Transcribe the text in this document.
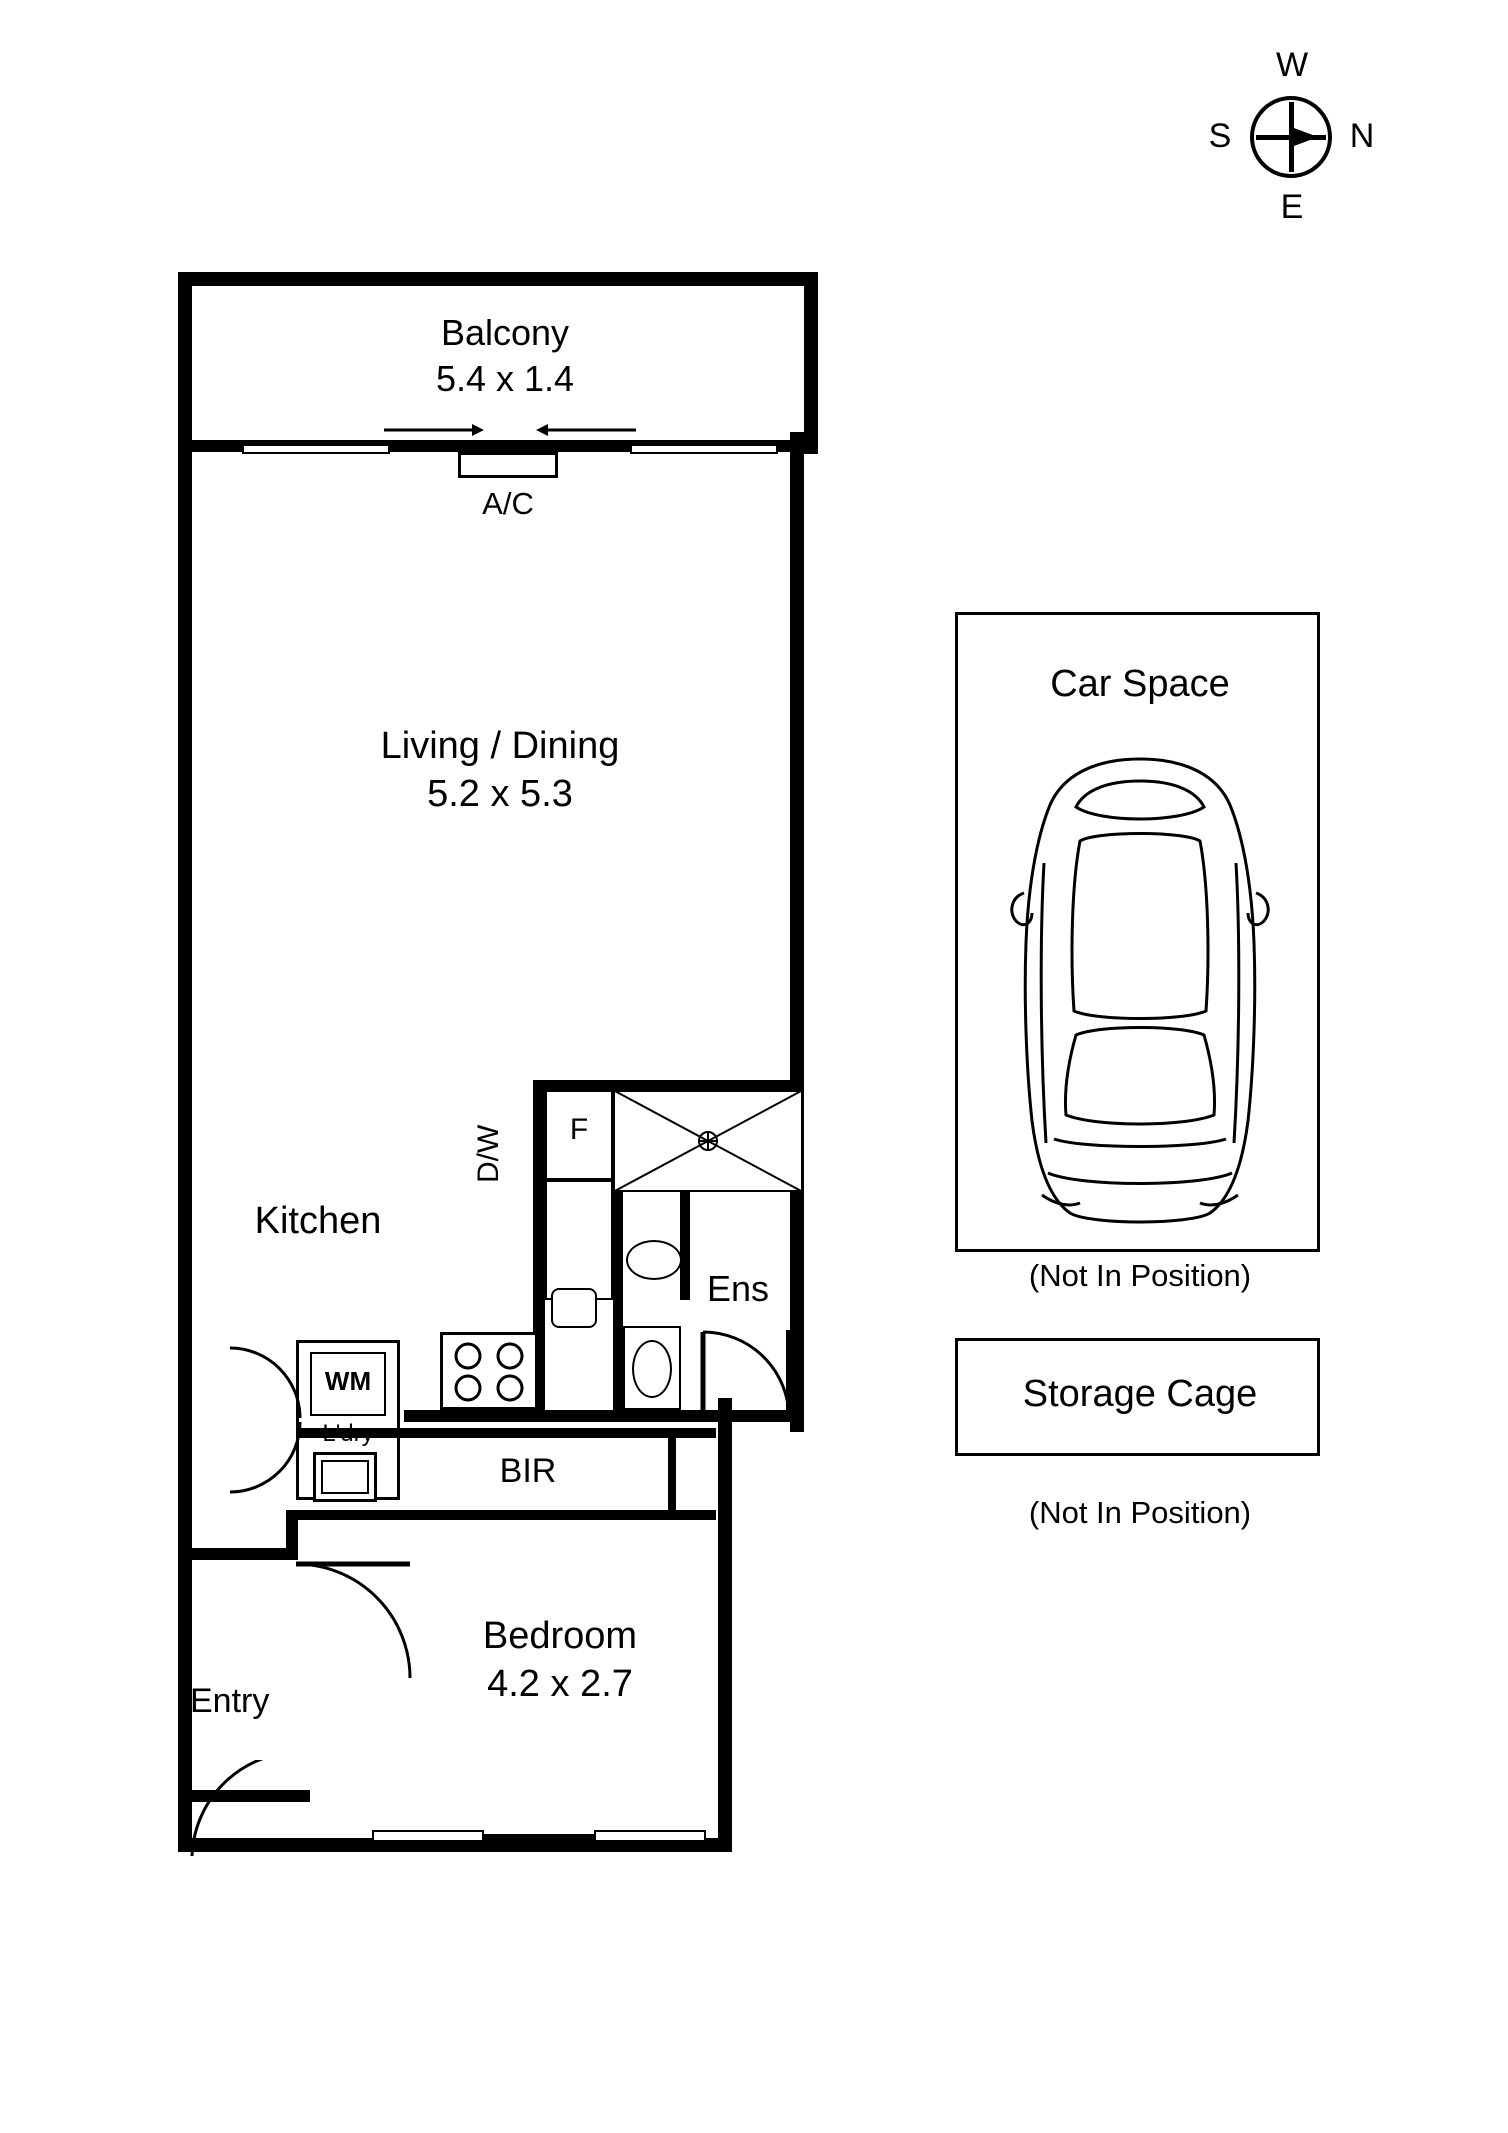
W
E
S	N
A/C
Balcony
5.4 x 1.4
Living / Dining
5.2 x 5.3
F
D/W
Kitchen
Ens
WM
BIR
Entry
Bedroom
4.2 x 2.7
Car Space
(Not In Position)
Storage Cage
(Not In Position)
